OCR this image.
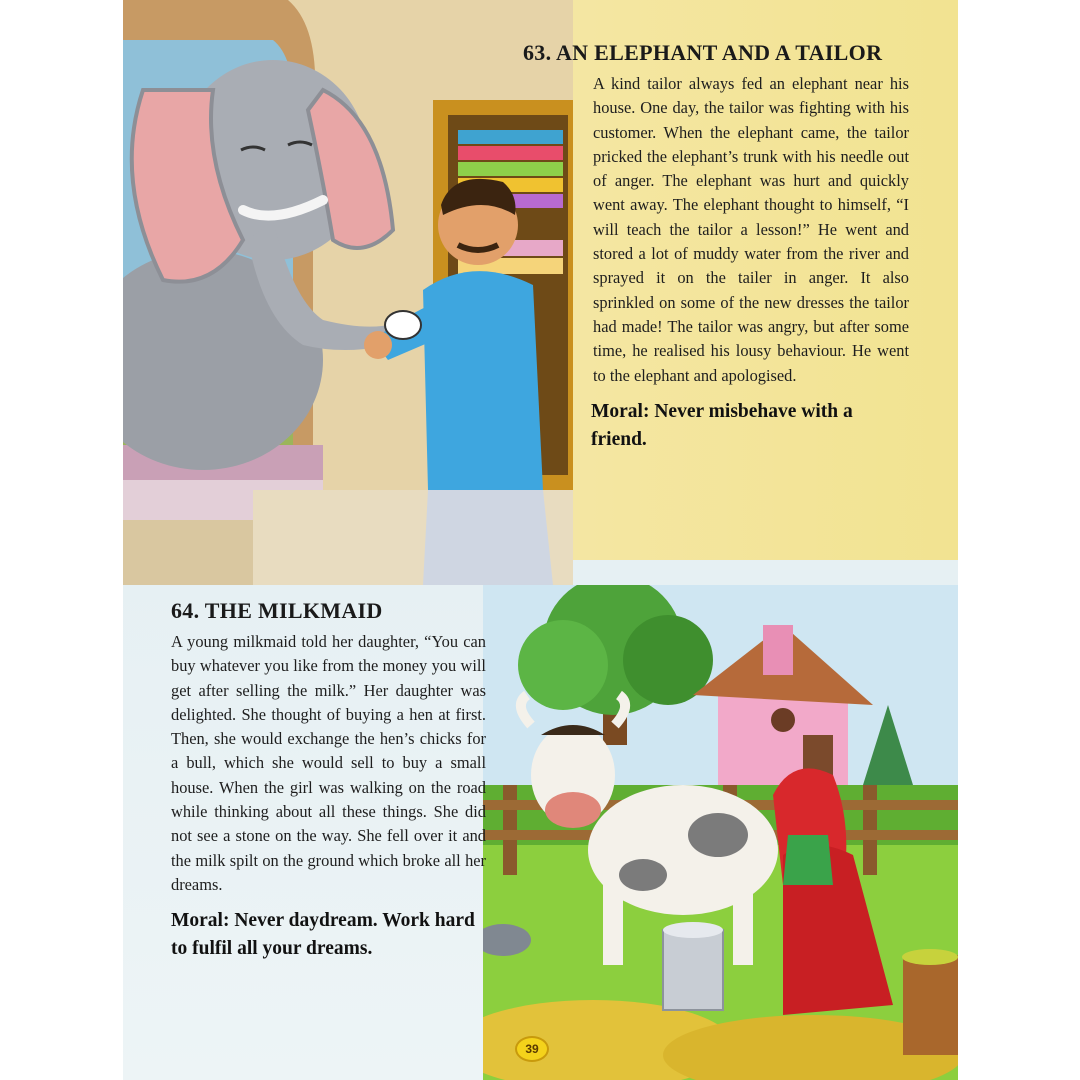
63. AN ELEPHANT AND A TAILOR

A kind tailor always fed an elephant near his house. One day, the tailor was fighting with his customer. When the elephant came, the tailor pricked the elephant’s trunk with his needle out of anger. The elephant was hurt and quickly went away. The elephant thought to himself, “I will teach the tailor a lesson!” He went and stored a lot of muddy water from the river and sprayed it on the tailer in anger. It also sprinkled on some of the new dresses the tailor had made! The tailor was angry, but after some time, he realised his lousy behaviour. He went to the elephant and apologised.

Moral: Never misbehave with a friend.

64. THE MILKMAID

A young milkmaid told her daughter, “You can buy whatever you like from the money you will get after selling the milk.” Her daughter was delighted. She thought of buying a hen at first. Then, she would exchange the hen’s chicks for a bull, which she would sell to buy a small house. When the girl was walking on the road while thinking about all these things. She did not see a stone on the way. She fell over it and the milk spilt on the ground which broke all her dreams.

Moral: Never daydream. Work hard to fulfil all your dreams.

39
